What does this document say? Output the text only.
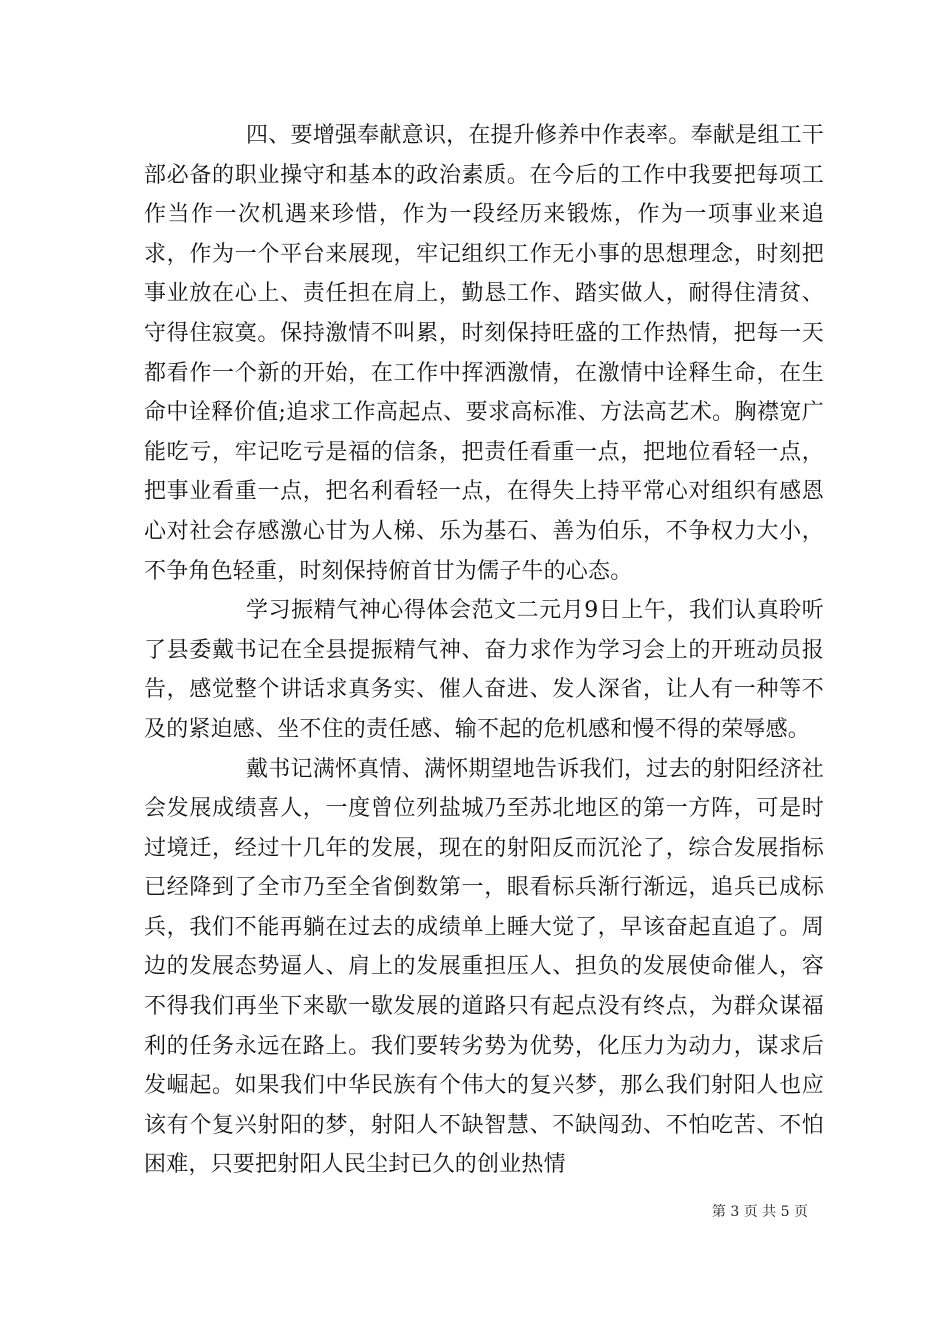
四、要增强奉献意识，在提升修养中作表率。奉献是组工干部必备的职业操守和基本的政治素质。在今后的工作中我要把每项工作当作一次机遇来珍惜，作为一段经历来锻炼，作为一项事业来追求，作为一个平台来展现，牢记组织工作无小事的思想理念，时刻把事业放在心上、责任担在肩上，勤恳工作、踏实做人，耐得住清贫、守得住寂寞。保持激情不叫累，时刻保持旺盛的工作热情，把每一天都看作一个新的开始，在工作中挥洒激情，在激情中诠释生命，在生命中诠释价值;追求工作高起点、要求高标准、方法高艺术。胸襟宽广能吃亏，牢记吃亏是福的信条，把责任看重一点，把地位看轻一点，把事业看重一点，把名利看轻一点，在得失上持平常心对组织有感恩心对社会存感激心甘为人梯、乐为基石、善为伯乐，不争权力大小，不争角色轻重，时刻保持俯首甘为儒子牛的心态。

学习振精气神心得体会范文二元月9日上午，我们认真聆听了县委戴书记在全县提振精气神、奋力求作为学习会上的开班动员报告，感觉整个讲话求真务实、催人奋进、发人深省，让人有一种等不及的紧迫感、坐不住的责任感、输不起的危机感和慢不得的荣辱感。

戴书记满怀真情、满怀期望地告诉我们，过去的射阳经济社会发展成绩喜人，一度曾位列盐城乃至苏北地区的第一方阵，可是时过境迁，经过十几年的发展，现在的射阳反而沉沦了，综合发展指标已经降到了全市乃至全省倒数第一，眼看标兵渐行渐远，追兵已成标兵，我们不能再躺在过去的成绩单上睡大觉了，早该奋起直追了。周边的发展态势逼人、肩上的发展重担压人、担负的发展使命催人，容不得我们再坐下来歇一歇发展的道路只有起点没有终点，为群众谋福利的任务永远在路上。我们要转劣势为优势，化压力为动力，谋求后发崛起。如果我们中华民族有个伟大的复兴梦，那么我们射阳人也应该有个复兴射阳的梦，射阳人不缺智慧、不缺闯劲、不怕吃苦、不怕困难，只要把射阳人民尘封已久的创业热情

第 3 页 共 5 页
